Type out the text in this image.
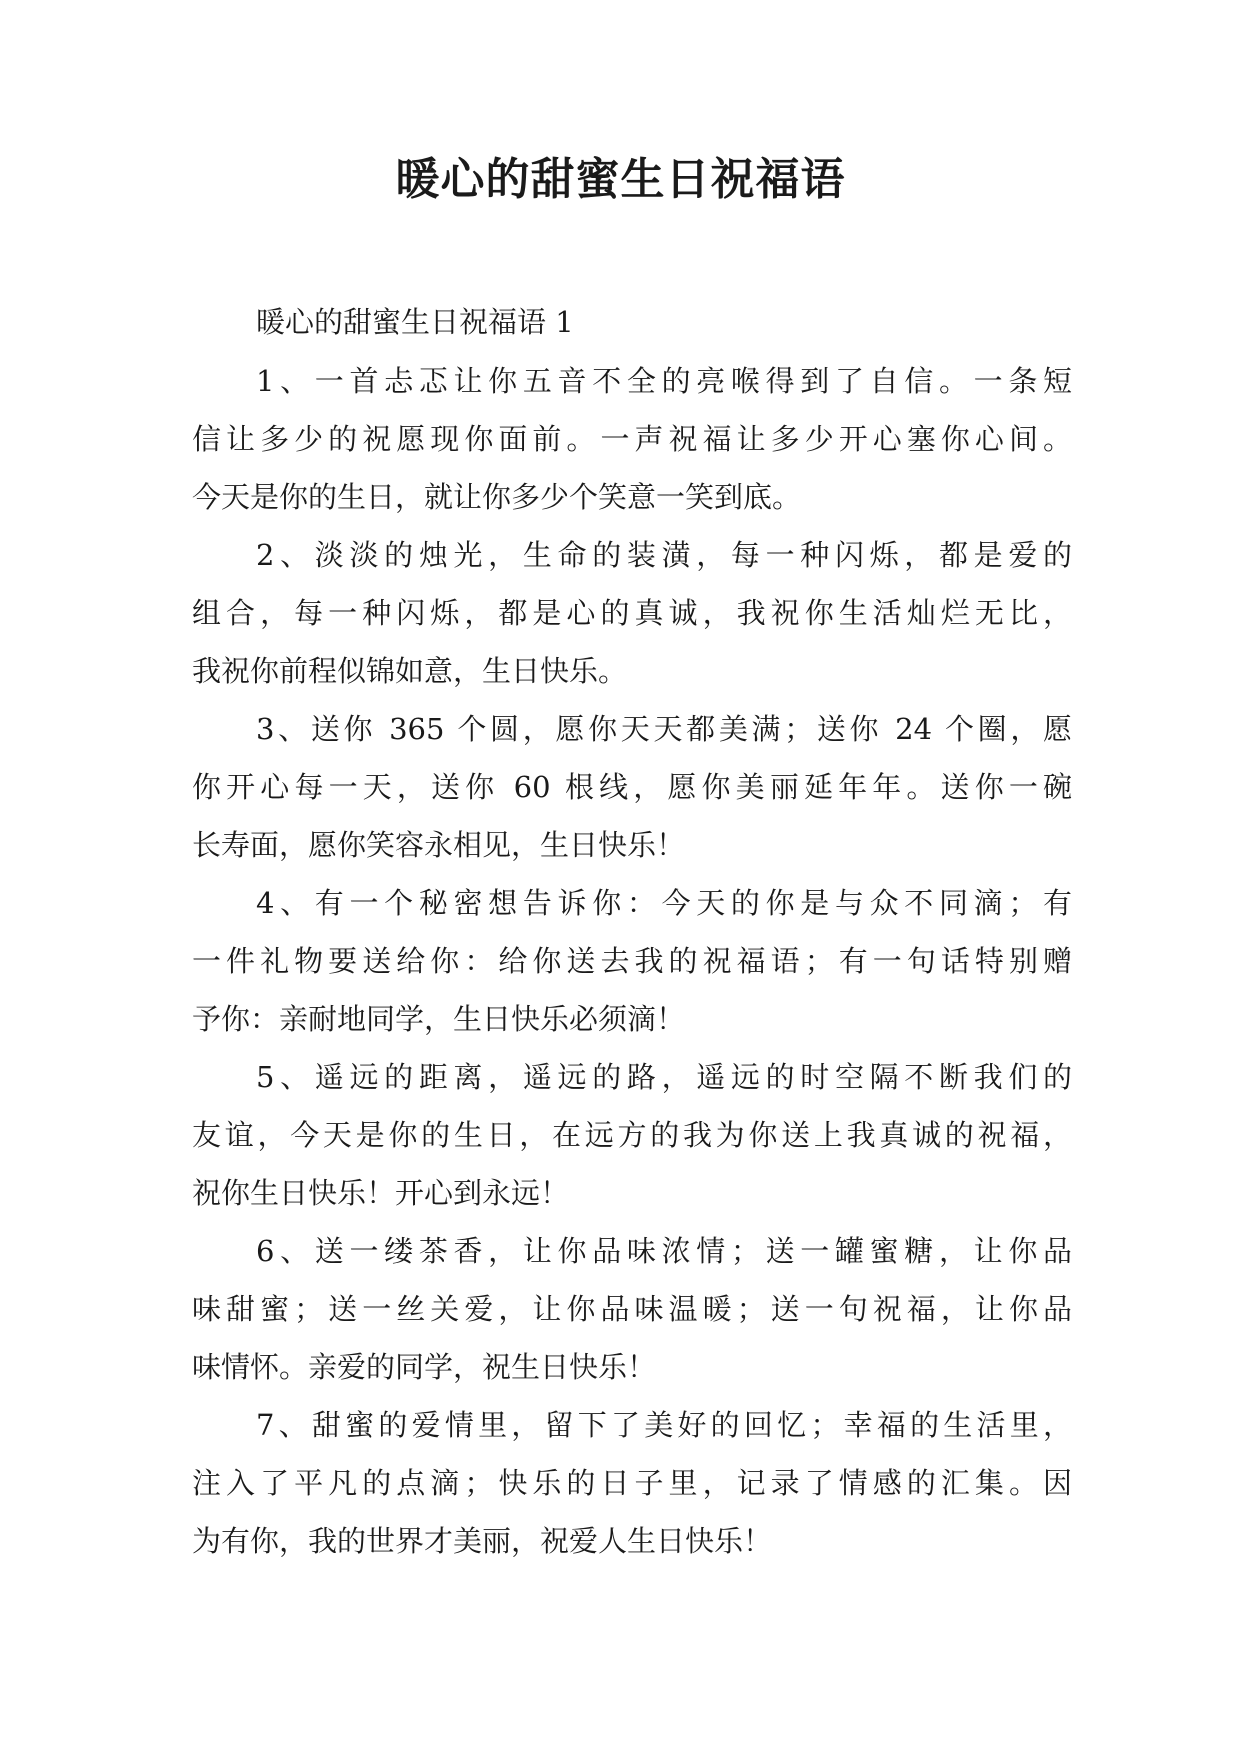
暖心的甜蜜生日祝福语
暖心的甜蜜生日祝福语 1
1、一首忐忑让你五音不全的亮喉得到了自信。一条短
信让多少的祝愿现你面前。一声祝福让多少开心塞你心间。
今天是你的生日，就让你多少个笑意一笑到底。
2、淡淡的烛光，生命的装潢，每一种闪烁，都是爱的
组合，每一种闪烁，都是心的真诚，我祝你生活灿烂无比，
我祝你前程似锦如意，生日快乐。
3、送你 365 个圆，愿你天天都美满；送你 24 个圈，愿
你开心每一天，送你 60 根线，愿你美丽延年年。送你一碗
长寿面，愿你笑容永相见，生日快乐！
4、有一个秘密想告诉你：今天的你是与众不同滴；有
一件礼物要送给你：给你送去我的祝福语；有一句话特别赠
予你：亲耐地同学，生日快乐必须滴！
5、遥远的距离，遥远的路，遥远的时空隔不断我们的
友谊，今天是你的生日，在远方的我为你送上我真诚的祝福，
祝你生日快乐！开心到永远！
6、送一缕茶香，让你品味浓情；送一罐蜜糖，让你品
味甜蜜；送一丝关爱，让你品味温暖；送一句祝福，让你品
味情怀。亲爱的同学，祝生日快乐！
7、甜蜜的爱情里，留下了美好的回忆；幸福的生活里，
注入了平凡的点滴；快乐的日子里，记录了情感的汇集。因
为有你，我的世界才美丽，祝爱人生日快乐！
